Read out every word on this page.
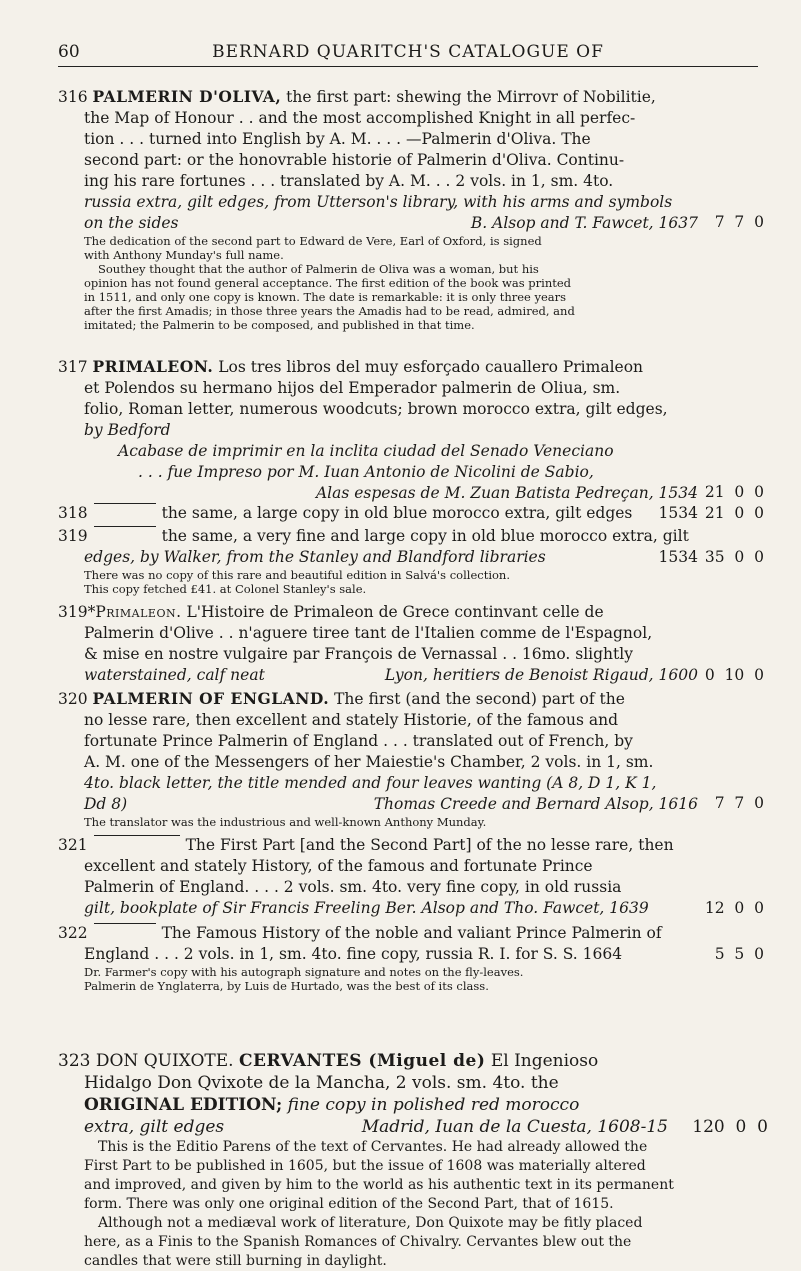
60	BERNARD QUARITCH'S CATALOGUE OF
316 PALMERIN D'OLIVA, the first part: shewing the Mirrovr of Nobilitie,
the Map of Honour . . and the most accomplished Knight in all perfec-
tion . . . turned into English by A. M. . . . —Palmerin d'Oliva. The
second part: or the honovrable historie of Palmerin d'Oliva. Continu-
ing his rare fortunes . . . translated by A. M. . . 2 vols. in 1, sm. 4to.
russia extra, gilt edges, from Utterson's library, with his arms and symbols
on the sides	B. Alsop and T. Fawcet, 1637	7  7  0
The dedication of the second part to Edward de Vere, Earl of Oxford, is signed
with Anthony Munday's full name.
Southey thought that the author of Palmerin de Oliva was a woman, but his
opinion has not found general acceptance. The first edition of the book was printed
in 1511, and only one copy is known. The date is remarkable: it is only three years
after the first Amadis; in those three years the Amadis had to be read, admired, and
imitated; the Palmerin to be composed, and published in that time.
317 PRIMALEON. Los tres libros del muy esforçado cauallero Primaleon
et Polendos su hermano hijos del Emperador palmerin de Oliua, sm.
folio, Roman letter, numerous woodcuts; brown morocco extra, gilt edges,
by Bedford
Acabase de imprimir en la inclita ciudad del Senado Veneciano
. . . fue Impreso por M. Iuan Antonio de Nicolini de Sabio,
Alas espesas de M. Zuan Batista Pedreçan, 1534 21  0  0
318	the same, a large copy in old blue morocco extra, gilt edges 1534 21  0  0
319	the same, a very fine and large copy in old blue morocco extra, gilt
edges, by Walker, from the Stanley and Blandford libraries	1534 35  0  0
There was no copy of this rare and beautiful edition in Salvá's collection.
This copy fetched £41. at Colonel Stanley's sale.
319*Primaleon. L'Histoire de Primaleon de Grece continvant celle de
Palmerin d'Olive . . n'aguere tiree tant de l'Italien comme de l'Espagnol,
& mise en nostre vulgaire par François de Vernassal . . 16mo. slightly
waterstained, calf neat	Lyon, heritiers de Benoist Rigaud, 1600 0  10  0
320 PALMERIN OF ENGLAND. The first (and the second) part of the
no lesse rare, then excellent and stately Historie, of the famous and
fortunate Prince Palmerin of England . . . translated out of French, by
A. M. one of the Messengers of her Maiestie's Chamber, 2 vols. in 1, sm.
4to. black letter, the title mended and four leaves wanting (A 8, D 1, K 1,
Dd 8)	Thomas Creede and Bernard Alsop, 1616	7  7  0
The translator was the industrious and well-known Anthony Munday.
321	The First Part [and the Second Part] of the no lesse rare, then
excellent and stately History, of the famous and fortunate Prince
Palmerin of England. . . . 2 vols. sm. 4to. very fine copy, in old russia
gilt, bookplate of Sir Francis Freeling Ber. Alsop and Tho. Fawcet, 1639	12  0  0
322	The Famous History of the noble and valiant Prince Palmerin of
England . . . 2 vols. in 1, sm. 4to. fine copy, russia R. I. for S. S. 1664	5  5  0
Dr. Farmer's copy with his autograph signature and notes on the fly-leaves.
Palmerin de Ynglaterra, by Luis de Hurtado, was the best of its class.
323 DON QUIXOTE. CERVANTES (Miguel de) El Ingenioso
Hidalgo Don Qvixote de la Mancha, 2 vols. sm. 4to. the
ORIGINAL EDITION; fine copy in polished red morocco
extra, gilt edges	Madrid, Iuan de la Cuesta, 1608-15	120  0  0
This is the Editio Parens of the text of Cervantes. He had already allowed the First Part to be published in 1605, but the issue of 1608 was materially altered and improved, and given by him to the world as his authentic text in its permanent form. There was only one original edition of the Second Part, that of 1615.
Although not a mediæval work of literature, Don Quixote may be fitly placed here, as a Finis to the Spanish Romances of Chivalry. Cervantes blew out the candles that were still burning in daylight.
